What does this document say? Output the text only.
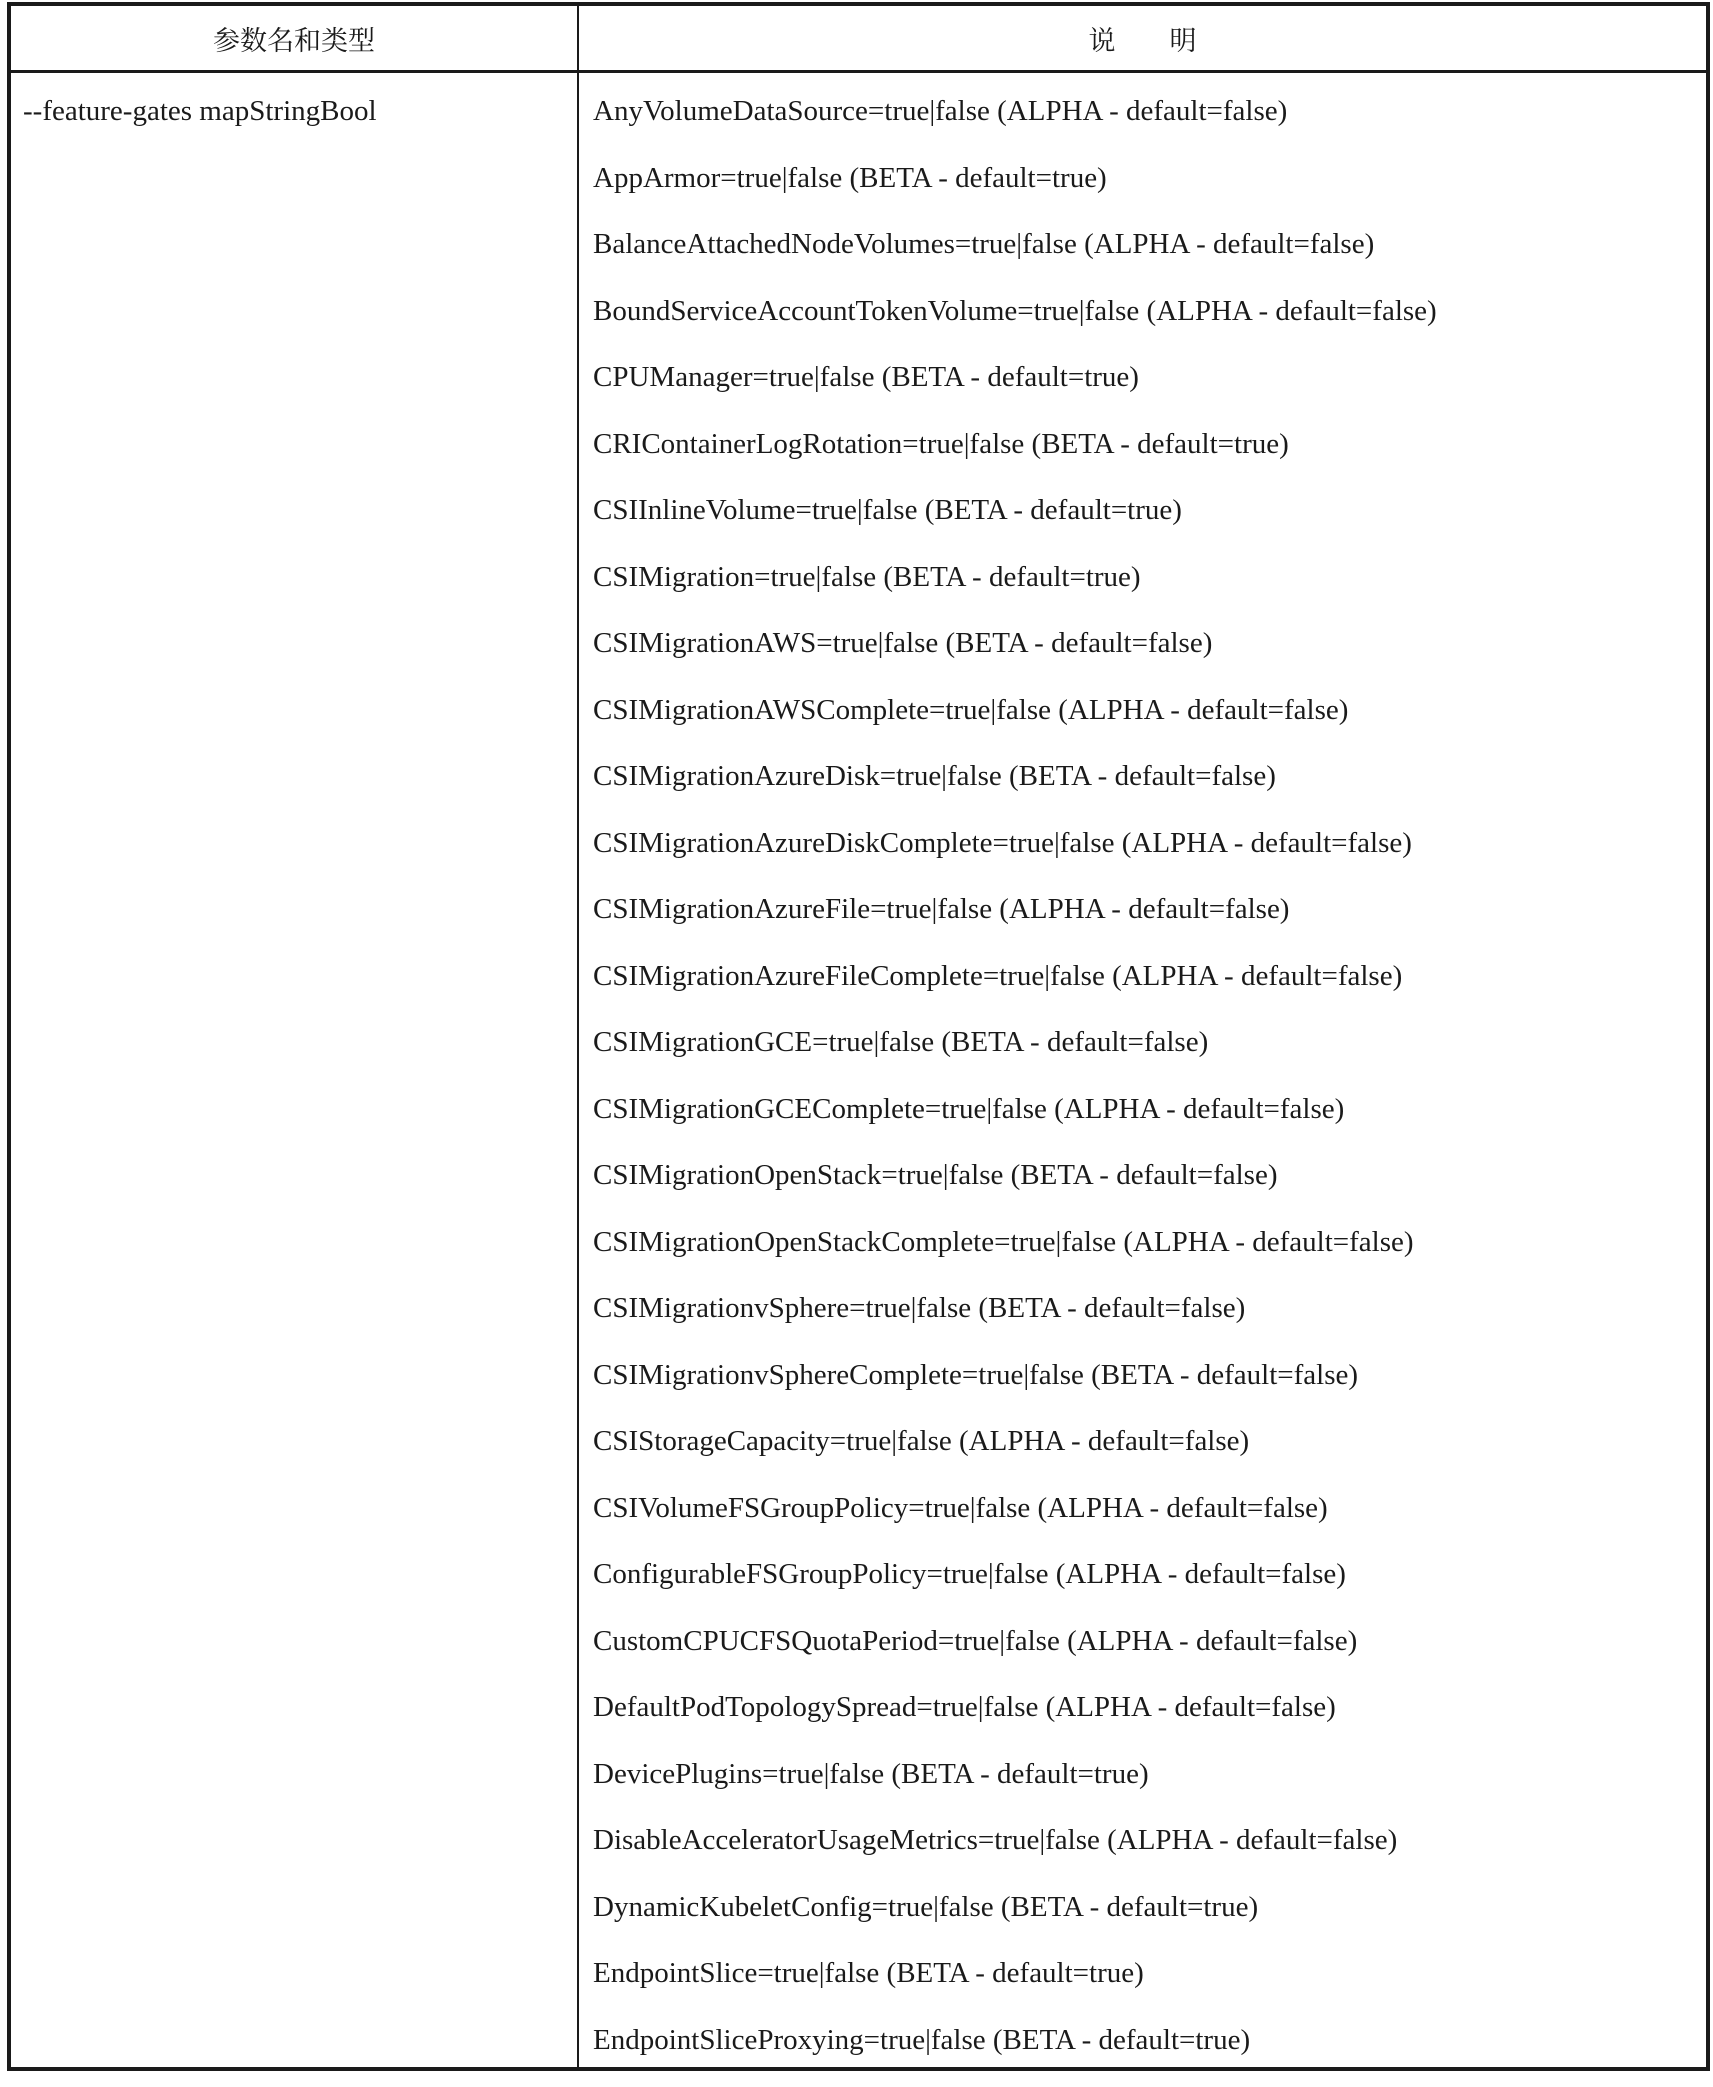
参数名和类型	说　　明
--feature-gates mapStringBool	AnyVolumeDataSource=true|false (ALPHA - default=false)
AppArmor=true|false (BETA - default=true)
BalanceAttachedNodeVolumes=true|false (ALPHA - default=false)
BoundServiceAccountTokenVolume=true|false (ALPHA - default=false)
CPUManager=true|false (BETA - default=true)
CRIContainerLogRotation=true|false (BETA - default=true)
CSIInlineVolume=true|false (BETA - default=true)
CSIMigration=true|false (BETA - default=true)
CSIMigrationAWS=true|false (BETA - default=false)
CSIMigrationAWSComplete=true|false (ALPHA - default=false)
CSIMigrationAzureDisk=true|false (BETA - default=false)
CSIMigrationAzureDiskComplete=true|false (ALPHA - default=false)
CSIMigrationAzureFile=true|false (ALPHA - default=false)
CSIMigrationAzureFileComplete=true|false (ALPHA - default=false)
CSIMigrationGCE=true|false (BETA - default=false)
CSIMigrationGCEComplete=true|false (ALPHA - default=false)
CSIMigrationOpenStack=true|false (BETA - default=false)
CSIMigrationOpenStackComplete=true|false (ALPHA - default=false)
CSIMigrationvSphere=true|false (BETA - default=false)
CSIMigrationvSphereComplete=true|false (BETA - default=false)
CSIStorageCapacity=true|false (ALPHA - default=false)
CSIVolumeFSGroupPolicy=true|false (ALPHA - default=false)
ConfigurableFSGroupPolicy=true|false (ALPHA - default=false)
CustomCPUCFSQuotaPeriod=true|false (ALPHA - default=false)
DefaultPodTopologySpread=true|false (ALPHA - default=false)
DevicePlugins=true|false (BETA - default=true)
DisableAcceleratorUsageMetrics=true|false (ALPHA - default=false)
DynamicKubeletConfig=true|false (BETA - default=true)
EndpointSlice=true|false (BETA - default=true)
EndpointSliceProxying=true|false (BETA - default=true)
